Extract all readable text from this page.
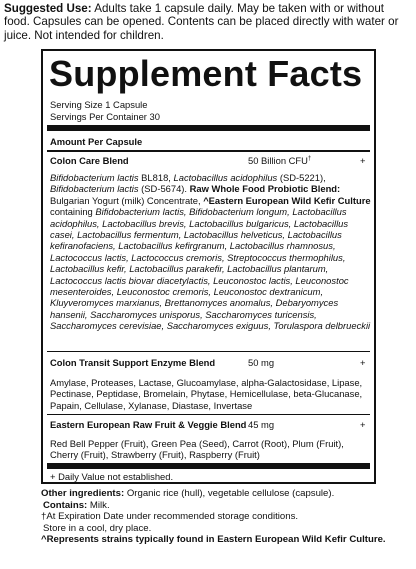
Suggested Use: Adults take 1 capsule daily. May be taken with or without food. Capsules can be opened. Contents can be placed directly with water or juice. Not intended for children.
Supplement Facts
Serving Size 1 Capsule
Servings Per Container 30
Amount Per Capsule
Colon Care Blend	50 Billion CFU†	+
Bifidobacterium lactis BL818, Lactobacillus acidophilus (SD-5221), Bifidobacterium lactis (SD-5674). Raw Whole Food Probiotic Blend: Bulgarian Yogurt (milk) Concentrate, ^Eastern European Wild Kefir Culture containing Bifidobacterium lactis, Bifidobacterium longum, Lactobacillus acidophilus, Lactobacillus brevis, Lactobacillus bulgaricus, Lactobacillus casei, Lactobacillus fermentum, Lactobacillus helveticus, Lactobacillus kefiranofaciens, Lactobacillus kefirgranum, Lactobacillus rhamnosus, Lactococcus lactis, Lactococcus cremoris, Streptococcus thermophilus, Lactobacillus kefir, Lactobacillus parakefir, Lactobacillus plantarum, Lactococcus lactis biovar diacetylactis, Leuconostoc lactis, Leuconostoc mesenteroides, Leuconostoc cremoris, Leuconostoc dextranicum, Kluyveromyces marxianus, Brettanomyces anomalus, Debaryomyces hansenii, Saccharomyces unisporus, Saccharomyces turicensis, Saccharomyces cerevisiae, Saccharomyces exiguus, Torulaspora delbrueckii
Colon Transit Support Enzyme Blend	50 mg	+
Amylase, Proteases, Lactase, Glucoamylase, alpha-Galactosidase, Lipase, Pectinase, Peptidase, Bromelain, Phytase, Hemicellulase, beta-Glucanase, Papain, Cellulase, Xylanase, Diastase, Invertase
Eastern European Raw Fruit & Veggie Blend 45 mg	+
Red Bell Pepper (Fruit), Green Pea (Seed), Carrot (Root), Plum (Fruit), Cherry (Fruit), Strawberry (Fruit), Raspberry (Fruit)
+ Daily Value not established.
Other ingredients: Organic rice (hull), vegetable cellulose (capsule).
Contains: Milk.
†At Expiration Date under recommended storage conditions.
Store in a cool, dry place.
^Represents strains typically found in Eastern European Wild Kefir Culture.
